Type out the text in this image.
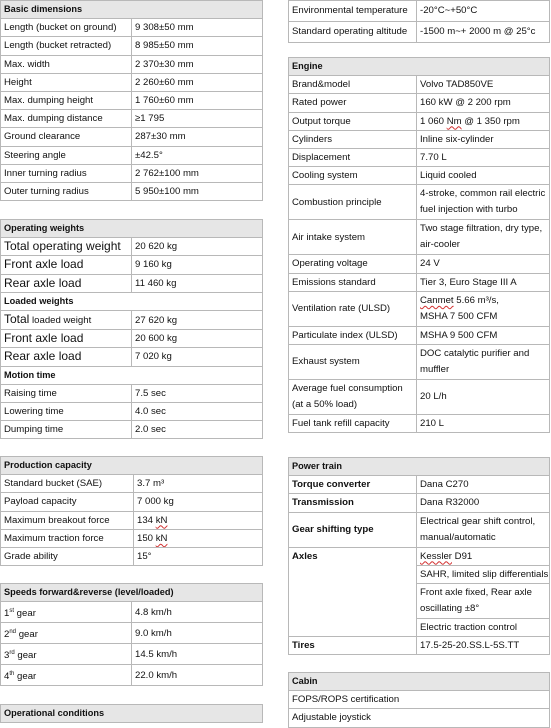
Basic dimensions	
Length (bucket on ground)	9 308±50 mm
Length (bucket retracted)	8 985±50 mm
Max. width	2 370±30 mm
Height	2 260±60 mm
Max. dumping height	1 760±60 mm
Max. dumping distance	≥1 795
Ground clearance	287±30 mm
Steering angle	±42.5°
Inner turning radius	2 762±100 mm
Outer turning radius	5 950±100 mm
Operating weights	
Total operating weight	20 620 kg
Front axle load	9 160 kg
Rear axle load	11 460 kg
Loaded weights	
Total loaded weight	27 620 kg
Front axle load	20 600 kg
Rear axle load	7 020 kg
Motion time	
Raising time	7.5 sec
Lowering time	4.0 sec
Dumping time	2.0 sec
Production capacity	
Standard bucket (SAE)	3.7 m³
Payload capacity	7 000 kg
Maximum breakout force	134 kN
Maximum traction force	150 kN
Grade ability	15°
Speeds forward&reverse (level/loaded)	
1st gear	4.8 km/h
2nd gear	9.0 km/h
3rd gear	14.5 km/h
4th gear	22.0 km/h
Operational conditions
Environmental temperature	-20°C~+50°C
Standard operating altitude	-1500 m~+ 2000 m @ 25°c
Engine	
Brand&model	Volvo TAD850VE
Rated power	160 kW @ 2 200 rpm
Output torque	1 060 Nm @ 1 350 rpm
Cylinders	Inline six-cylinder
Displacement	7.70 L
Cooling system	Liquid cooled
Combustion principle	4-stroke, common rail electric fuel injection with turbo
Air intake system	Two stage filtration, dry type, air-cooler
Operating voltage	24 V
Emissions standard	Tier 3, Euro Stage III A
Ventilation rate (ULSD)	Canmet 5.66 m³/s,
MSHA 7 500 CFM
Particulate index (ULSD)	MSHA 9 500 CFM
Exhaust system	DOC catalytic purifier and muffler
Average fuel consumption (at a 50% load)	20 L/h
Fuel tank refill capacity	210 L
Power train	
Torque converter	Dana C270
Transmission	Dana R32000
Gear shifting type	Electrical gear shift control, manual/automatic
Axles	Kessler D91
	SAHR, limited slip differentials
	Front axle fixed, Rear axle oscillating ±8°
	Electric traction control
Tires	17.5-25-20.SS.L-5S.TT
Cabin
FOPS/ROPS certification
Adjustable joystick
